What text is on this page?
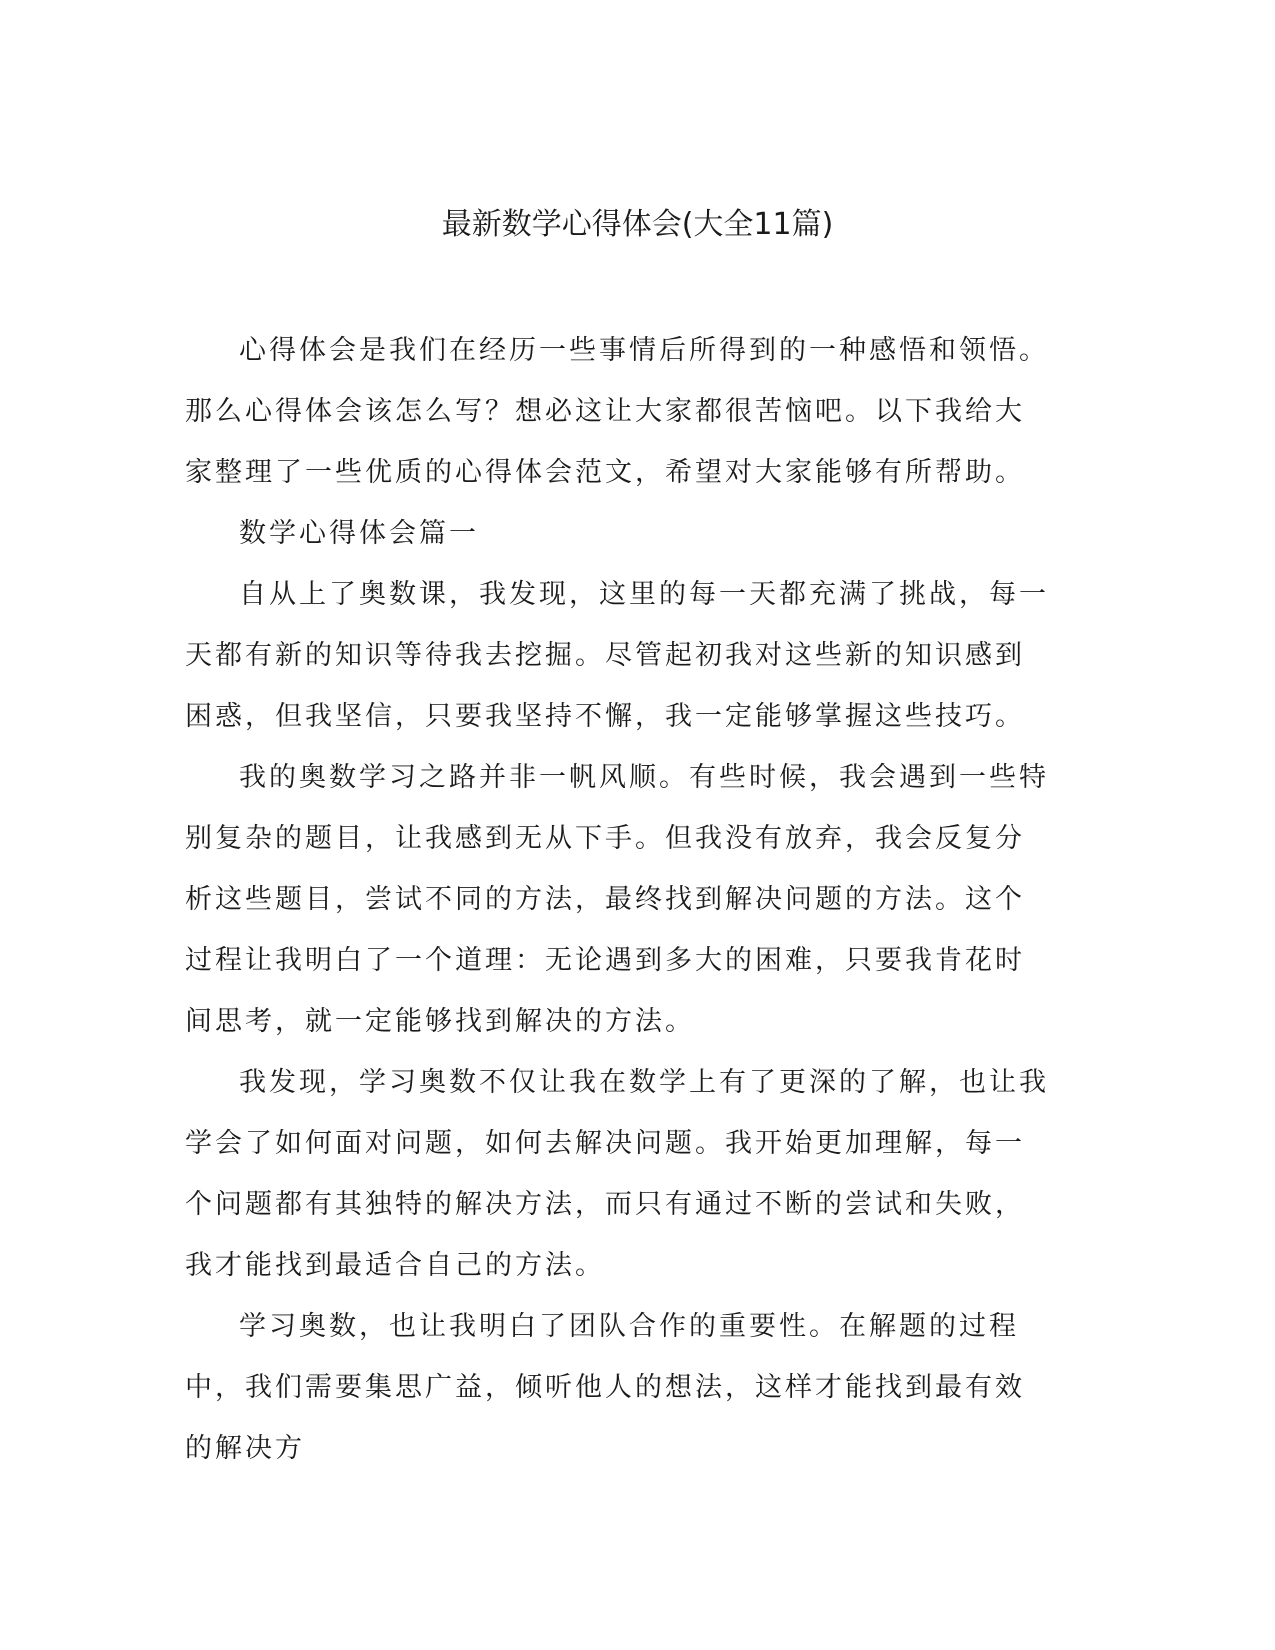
最新数学心得体会(大全11篇)

心得体会是我们在经历一些事情后所得到的一种感悟和领悟。那么心得体会该怎么写？想必这让大家都很苦恼吧。以下我给大家整理了一些优质的心得体会范文，希望对大家能够有所帮助。

数学心得体会篇一

自从上了奥数课，我发现，这里的每一天都充满了挑战，每一天都有新的知识等待我去挖掘。尽管起初我对这些新的知识感到困惑，但我坚信，只要我坚持不懈，我一定能够掌握这些技巧。

我的奥数学习之路并非一帆风顺。有些时候，我会遇到一些特别复杂的题目，让我感到无从下手。但我没有放弃，我会反复分析这些题目，尝试不同的方法，最终找到解决问题的方法。这个过程让我明白了一个道理：无论遇到多大的困难，只要我肯花时间思考，就一定能够找到解决的方法。

我发现，学习奥数不仅让我在数学上有了更深的了解，也让我学会了如何面对问题，如何去解决问题。我开始更加理解，每一个问题都有其独特的解决方法，而只有通过不断的尝试和失败，我才能找到最适合自己的方法。

学习奥数，也让我明白了团队合作的重要性。在解题的过程中，我们需要集思广益，倾听他人的想法，这样才能找到最有效的解决方
